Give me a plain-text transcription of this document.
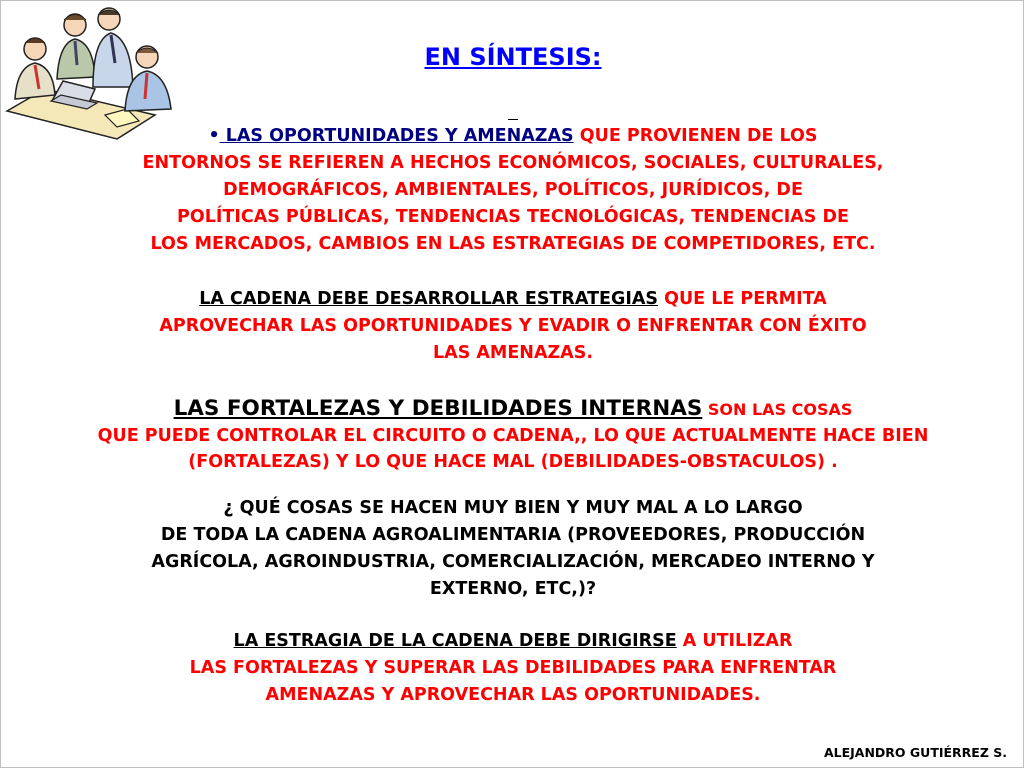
EN SÍNTESIS:
• LAS OPORTUNIDADES Y AMENAZAS QUE PROVIENEN DE LOS
ENTORNOS SE REFIEREN A HECHOS ECONÓMICOS, SOCIALES, CULTURALES,
DEMOGRÁFICOS, AMBIENTALES, POLÍTICOS, JURÍDICOS, DE
POLÍTICAS PÚBLICAS, TENDENCIAS TECNOLÓGICAS, TENDENCIAS DE
LOS MERCADOS, CAMBIOS EN LAS ESTRATEGIAS DE COMPETIDORES, ETC.
LA CADENA DEBE DESARROLLAR ESTRATEGIAS QUE LE PERMITA
APROVECHAR LAS OPORTUNIDADES Y EVADIR O ENFRENTAR CON ÉXITO
LAS AMENAZAS.
LAS FORTALEZAS Y DEBILIDADES INTERNAS SON LAS COSAS
QUE PUEDE CONTROLAR EL CIRCUITO O CADENA,, LO QUE ACTUALMENTE HACE BIEN
(FORTALEZAS) Y LO QUE HACE MAL (DEBILIDADES-OBSTACULOS) .
¿ QUÉ COSAS SE HACEN MUY BIEN Y MUY MAL A LO LARGO
DE TODA LA CADENA AGROALIMENTARIA (PROVEEDORES, PRODUCCIÓN
AGRÍCOLA, AGROINDUSTRIA, COMERCIALIZACIÓN, MERCADEO INTERNO Y
EXTERNO, ETC,)?
LA ESTRAGIA DE LA CADENA DEBE DIRIGIRSE A UTILIZAR
LAS FORTALEZAS Y SUPERAR LAS DEBILIDADES PARA ENFRENTAR
AMENAZAS Y APROVECHAR LAS OPORTUNIDADES.
ALEJANDRO GUTIÉRREZ S.
